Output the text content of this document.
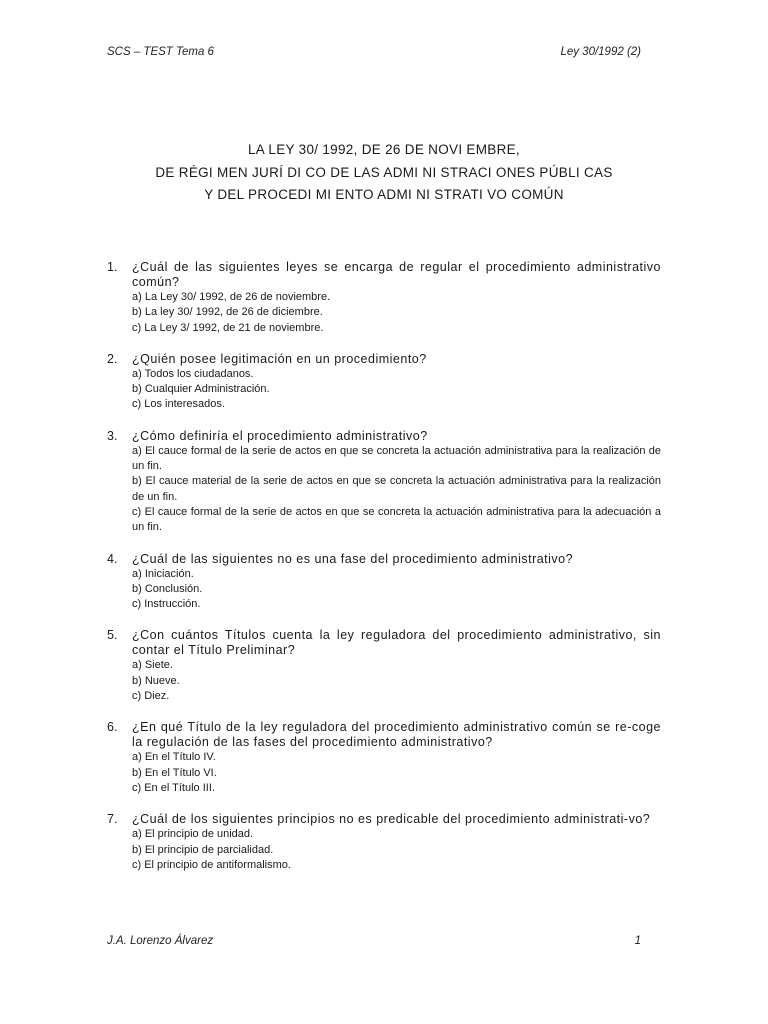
SCS – TEST Tema 6	Ley 30/1992 (2)
LA LEY 30/ 1992, DE 26 DE NOVI EMBRE,
DE RÉGI MEN JURÍ DI CO DE LAS ADMI NI STRACI ONES PÚBLI CAS
Y DEL PROCEDI MI ENTO ADMI NI STRATI VO COMÚN
1. ¿Cuál de las siguientes leyes se encarga de regular el procedimiento administrativo común?
a) La Ley 30/ 1992, de 26 de noviembre.
b) La ley 30/ 1992, de 26 de diciembre.
c) La Ley 3/ 1992, de 21 de noviembre.
2. ¿Quién posee legitimación en un procedimiento?
a) Todos los ciudadanos.
b) Cualquier Administración.
c) Los interesados.
3. ¿Cómo definiría el procedimiento administrativo?
a) El cauce formal de la serie de actos en que se concreta la actuación administrativa para la realización de un fin.
b) El cauce material de la serie de actos en que se concreta la actuación administrativa para la realización de un fin.
c) El cauce formal de la serie de actos en que se concreta la actuación administrativa para la adecuación a un fin.
4. ¿Cuál de las siguientes no es una fase del procedimiento administrativo?
a) Iniciación.
b) Conclusión.
c) Instrucción.
5. ¿Con cuántos Títulos cuenta la ley reguladora del procedimiento administrativo, sin contar el Título Preliminar?
a) Siete.
b) Nueve.
c) Diez.
6. ¿En qué Título de la ley reguladora del procedimiento administrativo común se re-coge la regulación de las fases del procedimiento administrativo?
a) En el Título IV.
b) En el Título VI.
c) En el Título III.
7. ¿Cuál de los siguientes principios no es predicable del procedimiento administrati-vo?
a) El principio de unidad.
b) El principio de parcialidad.
c) El principio de antiformalismo.
J.A. Lorenzo Álvarez	1
